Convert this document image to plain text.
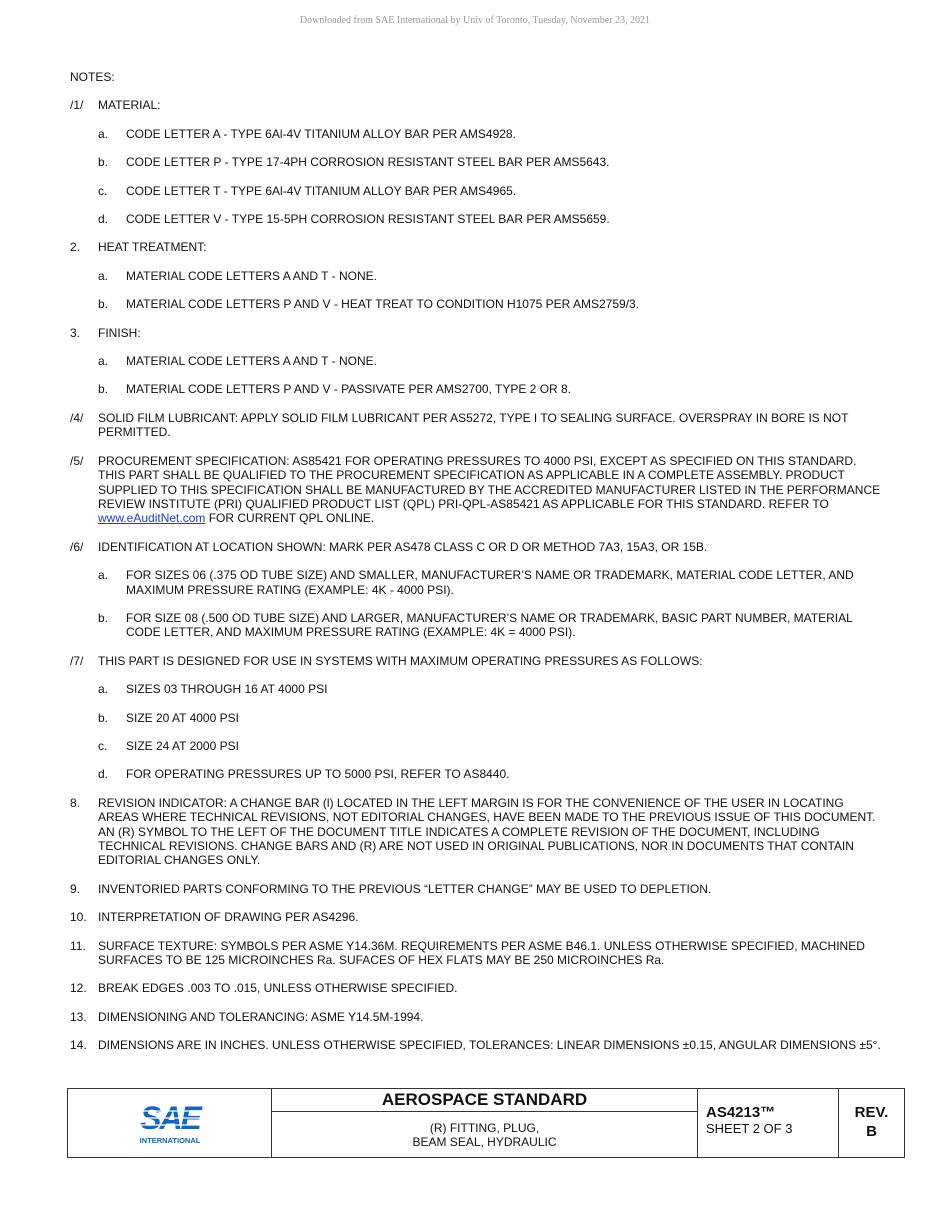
Downloaded from SAE International by Univ of Toronto, Tuesday, November 23, 2021
NOTES:
/1/	MATERIAL:
a.	CODE LETTER A - TYPE 6Al-4V TITANIUM ALLOY BAR PER AMS4928.
b.	CODE LETTER P - TYPE 17-4PH CORROSION RESISTANT STEEL BAR PER AMS5643.
c.	CODE LETTER T - TYPE 6Al-4V TITANIUM ALLOY BAR PER AMS4965.
d.	CODE LETTER V - TYPE 15-5PH CORROSION RESISTANT STEEL BAR PER AMS5659.
2.	HEAT TREATMENT:
a.	MATERIAL CODE LETTERS A AND T - NONE.
b.	MATERIAL CODE LETTERS P AND V - HEAT TREAT TO CONDITION H1075 PER AMS2759/3.
3.	FINISH:
a.	MATERIAL CODE LETTERS A AND T - NONE.
b.	MATERIAL CODE LETTERS P AND V - PASSIVATE PER AMS2700, TYPE 2 OR 8.
/4/	SOLID FILM LUBRICANT: APPLY SOLID FILM LUBRICANT PER AS5272, TYPE I TO SEALING SURFACE. OVERSPRAY IN BORE IS NOT PERMITTED.
/5/	PROCUREMENT SPECIFICATION: AS85421 FOR OPERATING PRESSURES TO 4000 PSI, EXCEPT AS SPECIFIED ON THIS STANDARD. THIS PART SHALL BE QUALIFIED TO THE PROCUREMENT SPECIFICATION AS APPLICABLE IN A COMPLETE ASSEMBLY. PRODUCT SUPPLIED TO THIS SPECIFICATION SHALL BE MANUFACTURED BY THE ACCREDITED MANUFACTURER LISTED IN THE PERFORMANCE REVIEW INSTITUTE (PRI) QUALIFIED PRODUCT LIST (QPL) PRI-QPL-AS85421 AS APPLICABLE FOR THIS STANDARD. REFER TO www.eAuditNet.com FOR CURRENT QPL ONLINE.
/6/	IDENTIFICATION AT LOCATION SHOWN: MARK PER AS478 CLASS C OR D OR METHOD 7A3, 15A3, OR 15B.
a.	FOR SIZES 06 (.375 OD TUBE SIZE) AND SMALLER, MANUFACTURER’S NAME OR TRADEMARK, MATERIAL CODE LETTER, AND MAXIMUM PRESSURE RATING (EXAMPLE: 4K - 4000 PSI).
b.	FOR SIZE 08 (.500 OD TUBE SIZE) AND LARGER, MANUFACTURER’S NAME OR TRADEMARK, BASIC PART NUMBER, MATERIAL CODE LETTER, AND MAXIMUM PRESSURE RATING (EXAMPLE: 4K = 4000 PSI).
/7/	THIS PART IS DESIGNED FOR USE IN SYSTEMS WITH MAXIMUM OPERATING PRESSURES AS FOLLOWS:
a.	SIZES 03 THROUGH 16 AT 4000 PSI
b.	SIZE 20 AT 4000 PSI
c.	SIZE 24 AT 2000 PSI
d.	FOR OPERATING PRESSURES UP TO 5000 PSI, REFER TO AS8440.
8.	REVISION INDICATOR: A CHANGE BAR (l) LOCATED IN THE LEFT MARGIN IS FOR THE CONVENIENCE OF THE USER IN LOCATING AREAS WHERE TECHNICAL REVISIONS, NOT EDITORIAL CHANGES, HAVE BEEN MADE TO THE PREVIOUS ISSUE OF THIS DOCUMENT. AN (R) SYMBOL TO THE LEFT OF THE DOCUMENT TITLE INDICATES A COMPLETE REVISION OF THE DOCUMENT, INCLUDING TECHNICAL REVISIONS. CHANGE BARS AND (R) ARE NOT USED IN ORIGINAL PUBLICATIONS, NOR IN DOCUMENTS THAT CONTAIN EDITORIAL CHANGES ONLY.
9.	INVENTORIED PARTS CONFORMING TO THE PREVIOUS “LETTER CHANGE” MAY BE USED TO DEPLETION.
10. INTERPRETATION OF DRAWING PER AS4296.
11.	SURFACE TEXTURE: SYMBOLS PER ASME Y14.36M. REQUIREMENTS PER ASME B46.1. UNLESS OTHERWISE SPECIFIED, MACHINED SURFACES TO BE 125 MICROINCHES Ra. SUFACES OF HEX FLATS MAY BE 250 MICROINCHES Ra.
12. BREAK EDGES .003 TO .015, UNLESS OTHERWISE SPECIFIED.
13. DIMENSIONING AND TOLERANCING: ASME Y14.5M-1994.
14. DIMENSIONS ARE IN INCHES. UNLESS OTHERWISE SPECIFIED, TOLERANCES: LINEAR DIMENSIONS ±0.15, ANGULAR DIMENSIONS ±5°.
SAE
INTERNATIONAL
AEROSPACE STANDARD
(R) FITTING, PLUG,
BEAM SEAL, HYDRAULIC
AS4213™
SHEET 2 OF 3
REV.
B
